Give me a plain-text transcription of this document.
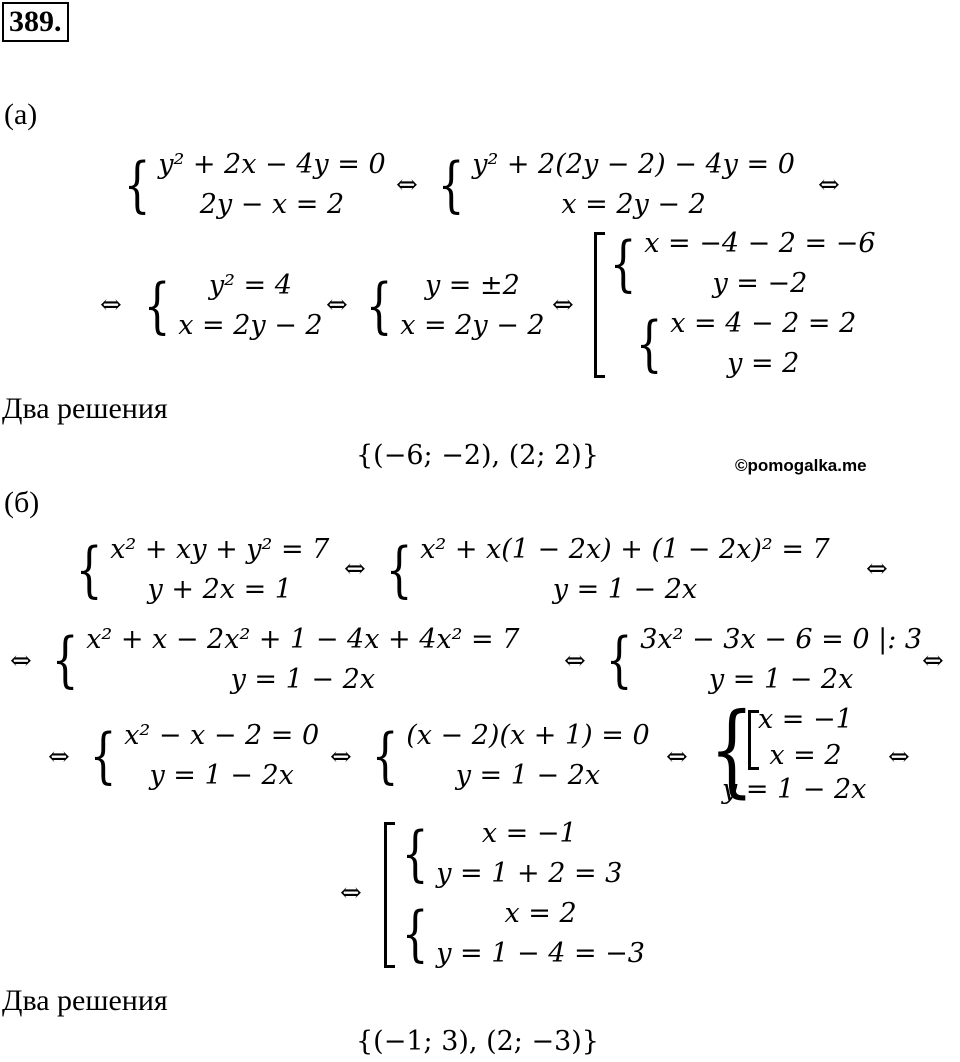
389.
(а)
{ y² + 2x − 4y = 0
2y − x = 2
⇔ { y² + 2(2y − 2) − 4y = 0
x = 2y − 2
⇔
⇔ { y² = 4
x = 2y − 2
⇔ { y = ±2
x = 2y − 2
⇔
{ x = −4 − 2 = −6
y = −2
{ x = 4 − 2 = 2
y = 2
Два решения
{(−6; −2), (2; 2)}	©pomogalka.me
(б)
{ x² + xy + y² = 7
y + 2x = 1
⇔ { x² + x(1 − 2x) + (1 − 2x)² = 7
y = 1 − 2x
⇔
⇔ { x² + x − 2x² + 1 − 4x + 4x² = 7
y = 1 − 2x
⇔ { 3x² − 3x − 6 = 0 |: 3
y = 1 − 2x
⇔
⇔ { x² − x − 2 = 0
y = 1 − 2x
⇔ { (x − 2)(x + 1) = 0
y = 1 − 2x
⇔ { x = −1
x = 2
y = 1 − 2x
⇔
⇔
{ x = −1
y = 1 + 2 = 3
{	x = 2
y = 1 − 4 = −3
Два решения
{(−1; 3), (2; −3)}
